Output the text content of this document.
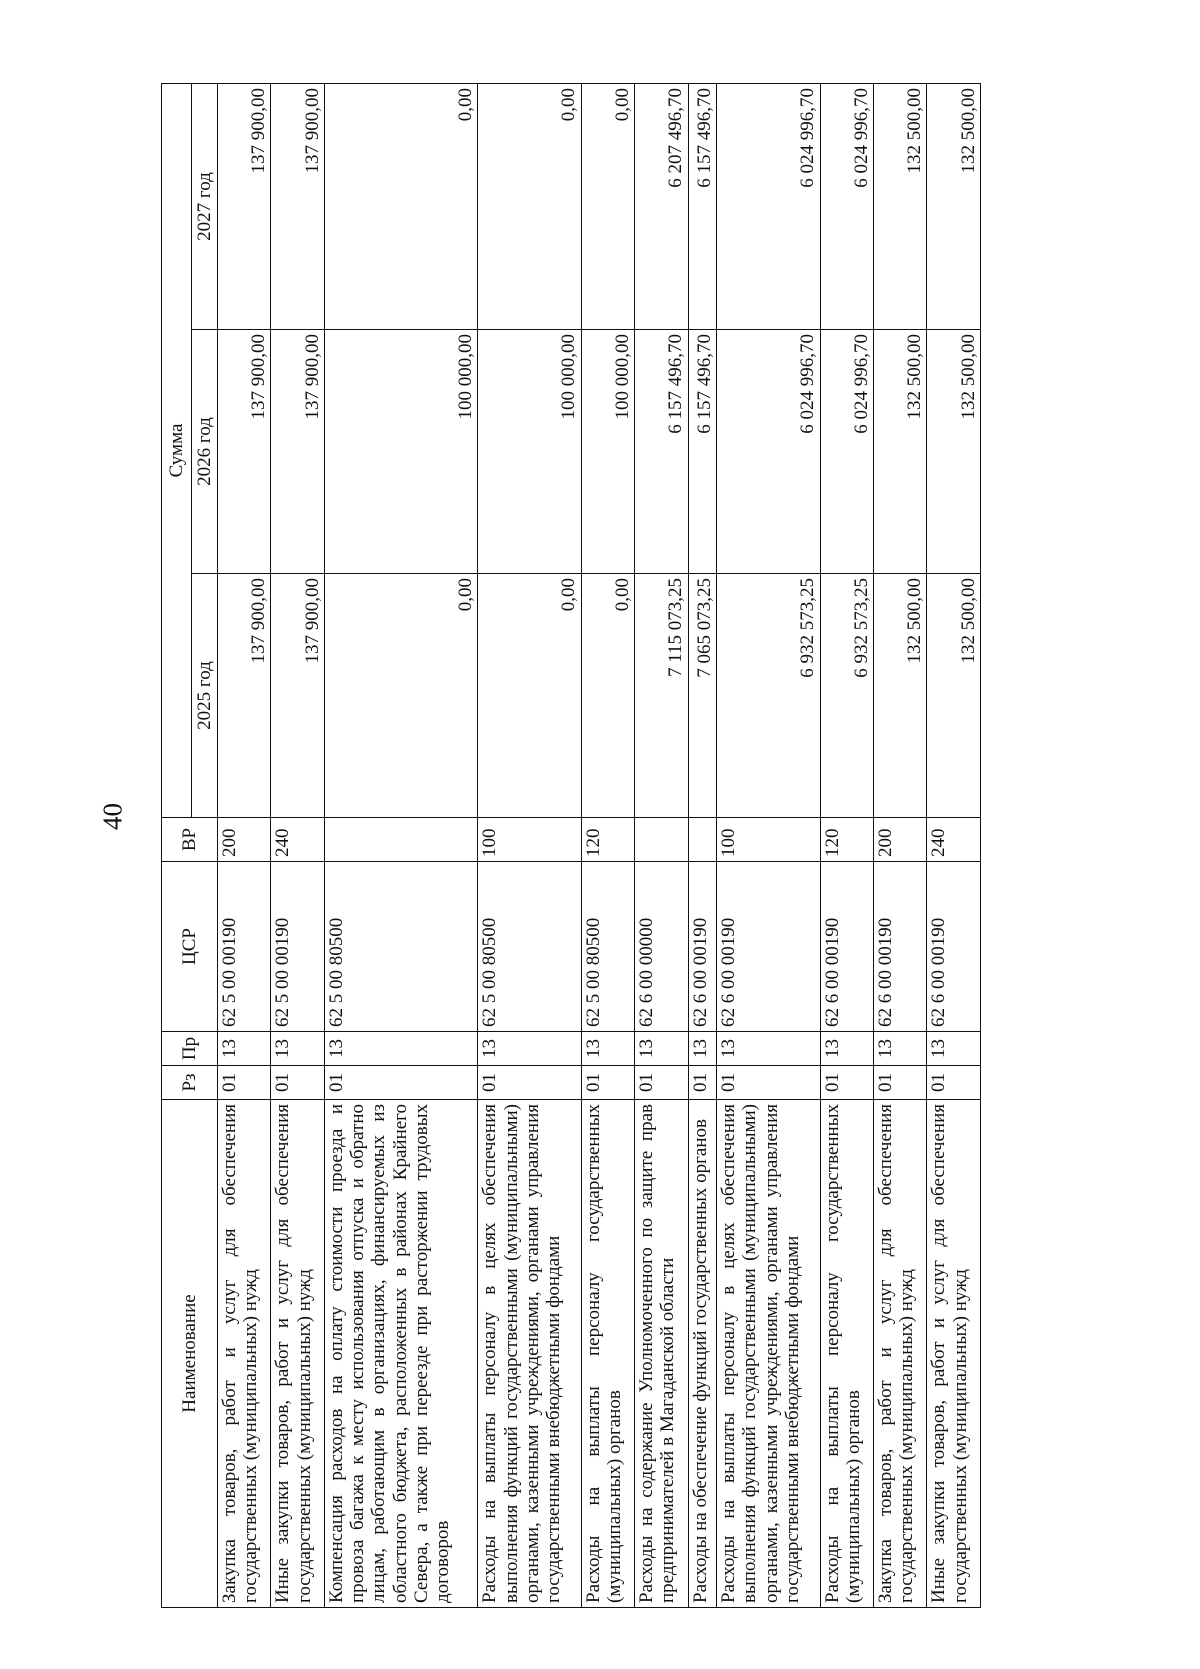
40
Наименование	Рз	Пр	ЦСР	ВР	Сумма		
					2025 год	2026 год	2027 год
Закупка товаров, работ и услуг для обеспечения государственных (муниципальных) нужд	01	13	62 5 00 00190	200	137 900,00	137 900,00	137 900,00
Иные закупки товаров, работ и услуг для обеспечения государственных (муниципальных) нужд	01	13	62 5 00 00190	240	137 900,00	137 900,00	137 900,00
Компенсация расходов на оплату стоимости проезда и провоза багажа к месту использования отпуска и обратно лицам, работающим в организациях, финансируемых из областного бюджета, расположенных в районах Крайнего Севера, а также при переезде при расторжении трудовых договоров	01	13	62 5 00 80500		0,00	100 000,00	0,00
Расходы на выплаты персоналу в целях обеспечения выполнения функций государственными (муниципальными) органами, казенными учреждениями, органами управления государственными внебюджетными фондами	01	13	62 5 00 80500	100	0,00	100 000,00	0,00
Расходы на выплаты персоналу государственных (муниципальных) органов	01	13	62 5 00 80500	120	0,00	100 000,00	0,00
Расходы на содержание Уполномоченного по защите прав предпринимателей в Магаданской области	01	13	62 6 00 00000		7 115 073,25	6 157 496,70	6 207 496,70
Расходы на обеспечение функций государственных органов	01	13	62 6 00 00190		7 065 073,25	6 157 496,70	6 157 496,70
Расходы на выплаты персоналу в целях обеспечения выполнения функций государственными (муниципальными) органами, казенными учреждениями, органами управления государственными внебюджетными фондами	01	13	62 6 00 00190	100	6 932 573,25	6 024 996,70	6 024 996,70
Расходы на выплаты персоналу государственных (муниципальных) органов	01	13	62 6 00 00190	120	6 932 573,25	6 024 996,70	6 024 996,70
Закупка товаров, работ и услуг для обеспечения государственных (муниципальных) нужд	01	13	62 6 00 00190	200	132 500,00	132 500,00	132 500,00
Иные закупки товаров, работ и услуг для обеспечения государственных (муниципальных) нужд	01	13	62 6 00 00190	240	132 500,00	132 500,00	132 500,00
